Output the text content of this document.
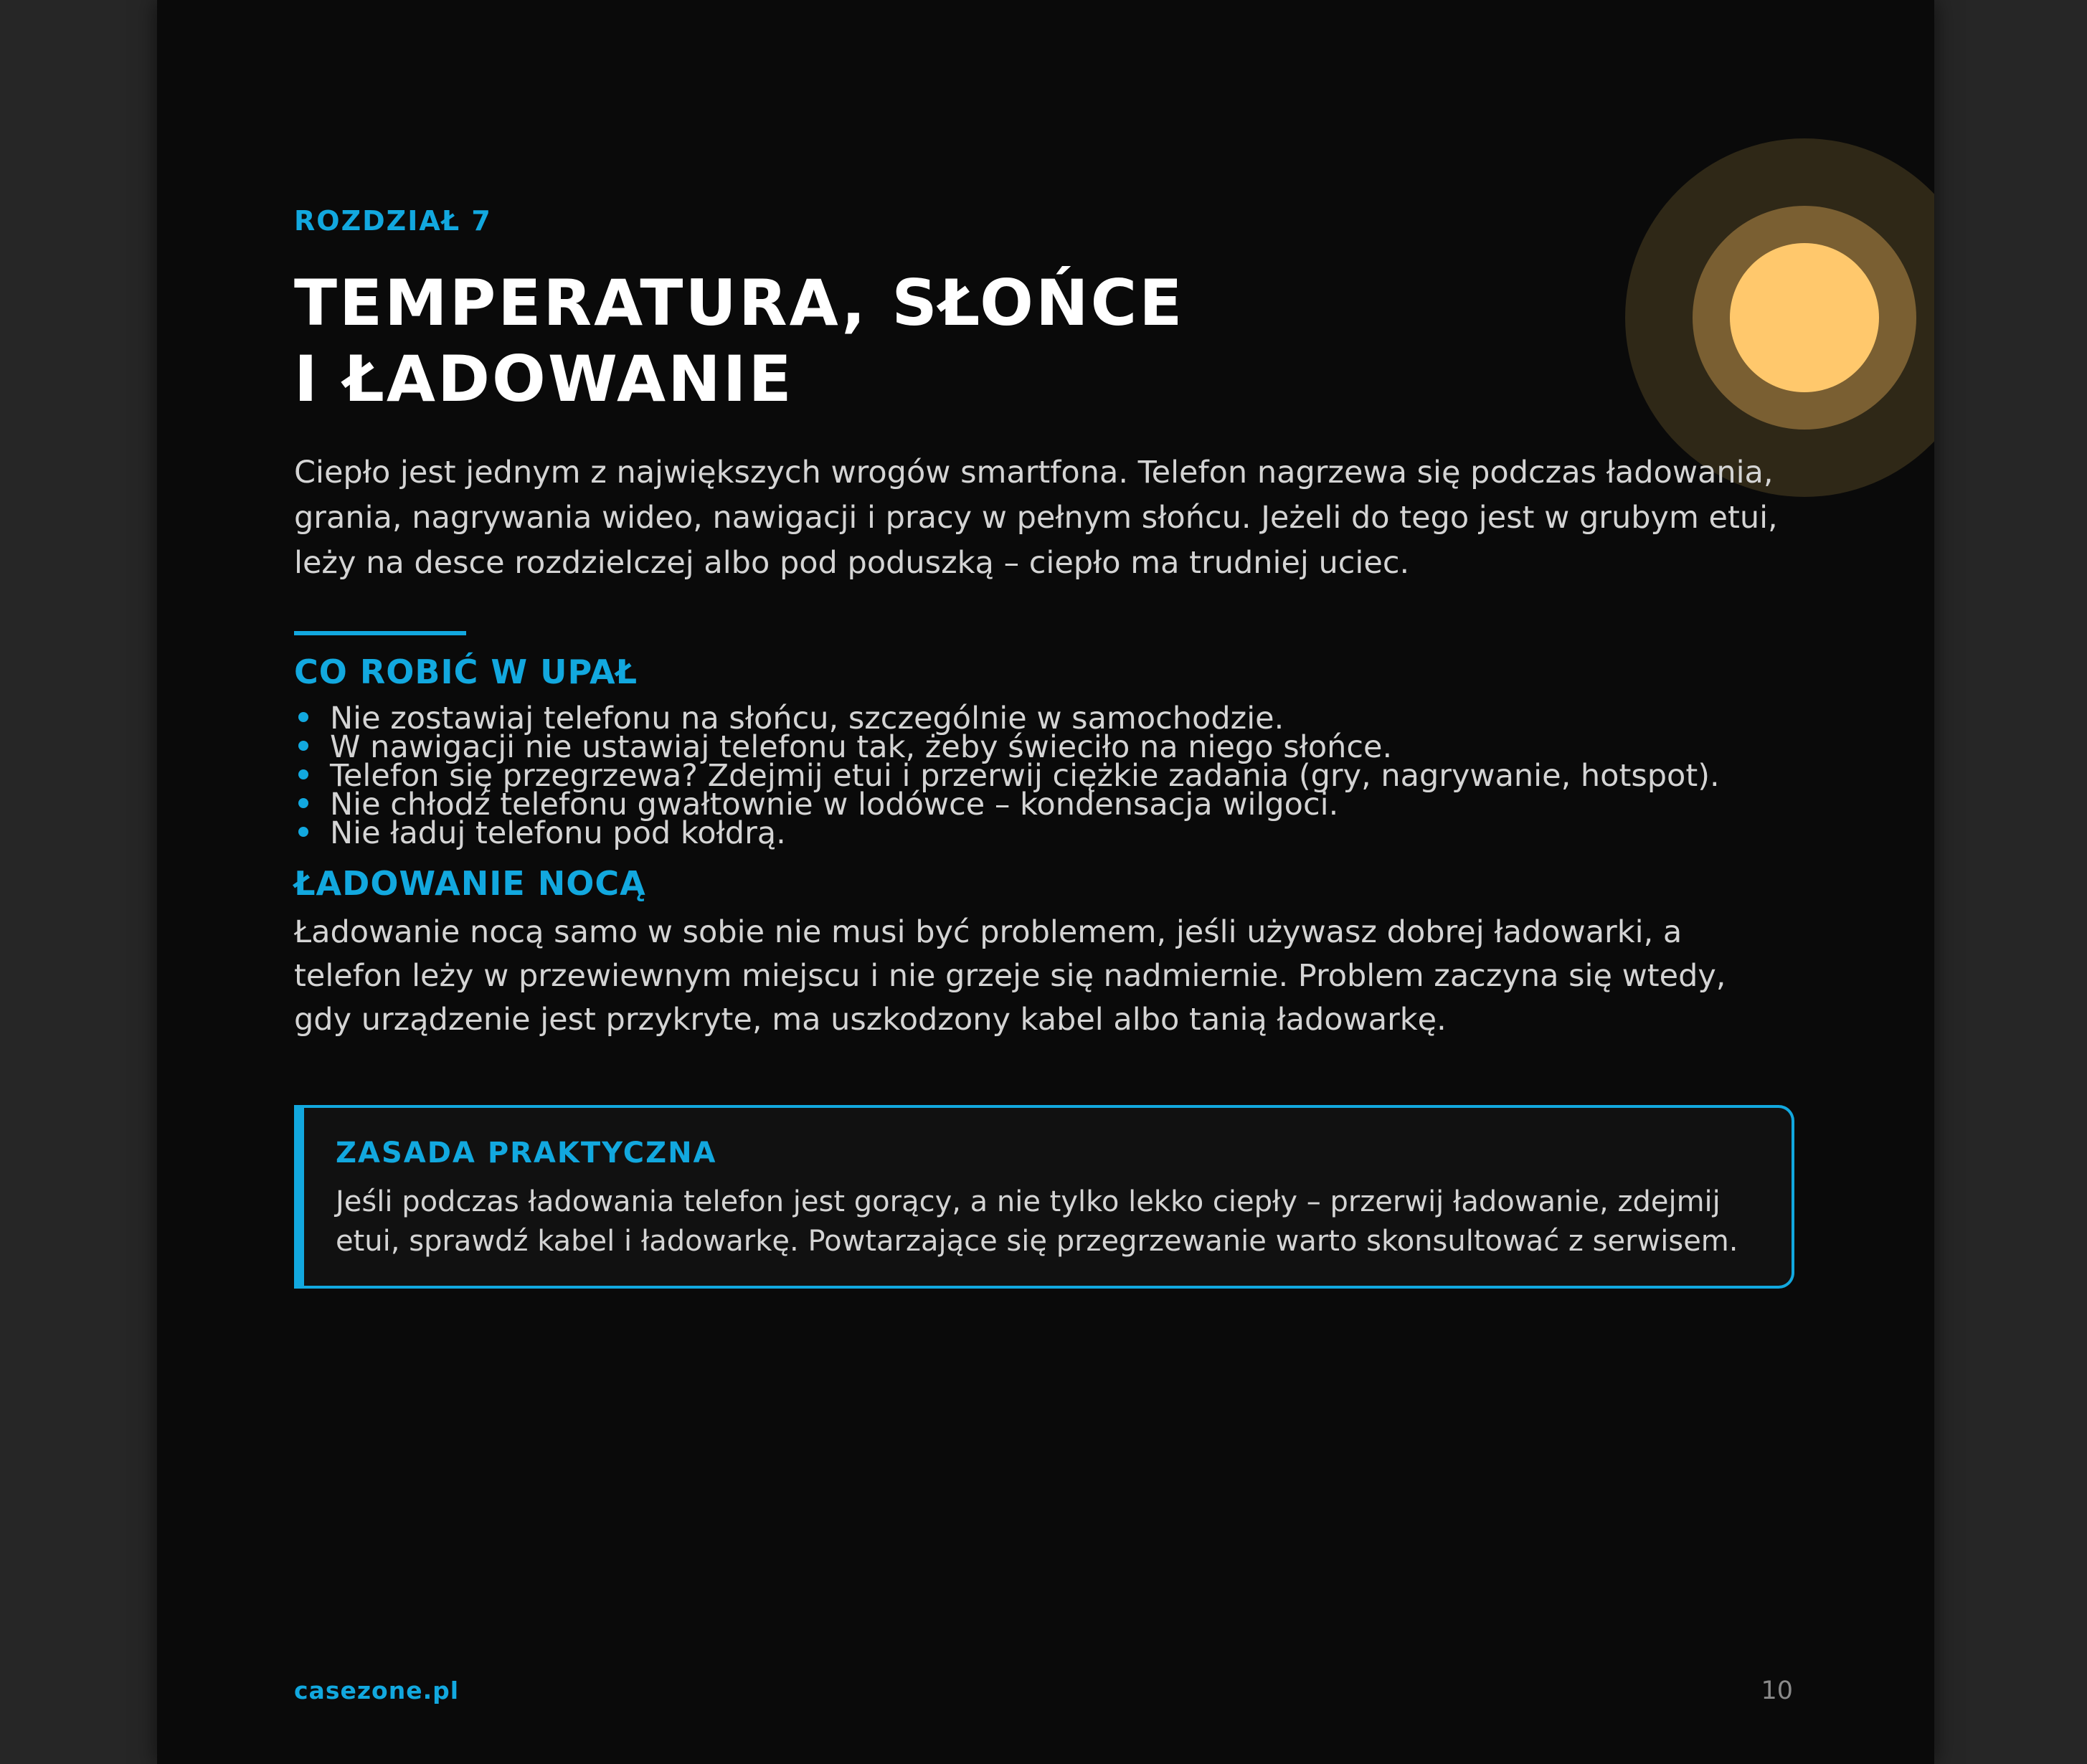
ROZDZIAŁ 7
TEMPERATURA, SŁOŃCE
I ŁADOWANIE

Ciepło jest jednym z największych wrogów smartfona. Telefon nagrzewa się podczas ładowania, grania, nagrywania wideo, nawigacji i pracy w pełnym słońcu. Jeżeli do tego jest w grubym etui, leży na desce rozdzielczej albo pod poduszką – ciepło ma trudniej uciec.

CO ROBIĆ W UPAŁ
Nie zostawiaj telefonu na słońcu, szczególnie w samochodzie.
W nawigacji nie ustawiaj telefonu tak, żeby świeciło na niego słońce.
Telefon się przegrzewa? Zdejmij etui i przerwij ciężkie zadania (gry, nagrywanie, hotspot).
Nie chłodź telefonu gwałtownie w lodówce – kondensacja wilgoci.
Nie ładuj telefonu pod kołdrą.
ŁADOWANIE NOCĄ

Ładowanie nocą samo w sobie nie musi być problemem, jeśli używasz dobrej ładowarki, a telefon leży w przewiewnym miejscu i nie grzeje się nadmiernie. Problem zaczyna się wtedy, gdy urządzenie jest przykryte, ma uszkodzony kabel albo tanią ładowarkę.

ZASADA PRAKTYCZNA

Jeśli podczas ładowania telefon jest gorący, a nie tylko lekko ciepły – przerwij ładowanie, zdejmij etui, sprawdź kabel i ładowarkę. Powtarzające się przegrzewanie warto skonsultować z serwisem.

casezone.pl	10
